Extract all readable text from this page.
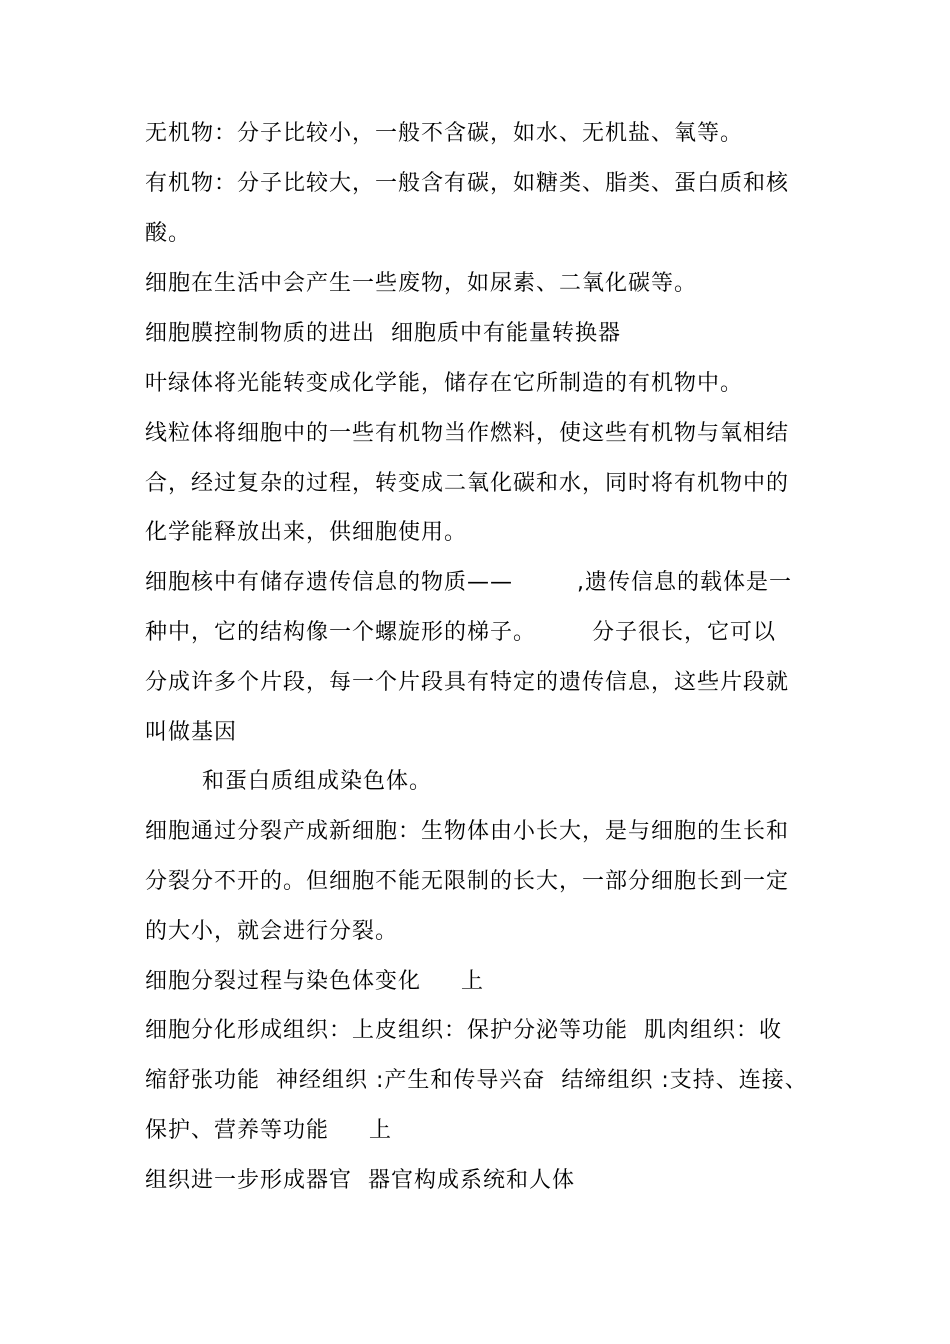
无机物：分子比较小，一般不含碳，如水、无机盐、氧等。
有机物：分子比较大，一般含有碳，如糖类、脂类、蛋白质和核
酸。
细胞在生活中会产生一些废物，如尿素、二氧化碳等。
细胞膜控制物质的进出  细胞质中有能量转换器
叶绿体将光能转变成化学能，储存在它所制造的有机物中。
线粒体将细胞中的一些有机物当作燃料，使这些有机物与氧相结
合，经过复杂的过程，转变成二氧化碳和水，同时将有机物中的
化学能释放出来，供细胞使用。
细胞核中有储存遗传信息的物质——        ,遗传信息的载体是一
种中，它的结构像一个螺旋形的梯子。       分子很长，它可以
分成许多个片段，每一个片段具有特定的遗传信息，这些片段就
叫做基因
和蛋白质组成染色体。
细胞通过分裂产成新细胞：生物体由小长大，是与细胞的生长和
分裂分不开的。但细胞不能无限制的长大，一部分细胞长到一定
的大小，就会进行分裂。
细胞分裂过程与染色体变化     上
细胞分化形成组织：上皮组织：保护分泌等功能  肌肉组织：收
缩舒张功能  神经组织 :产生和传导兴奋  结缔组织 :支持、连接、
保护、营养等功能     上
组织进一步形成器官  器官构成系统和人体
